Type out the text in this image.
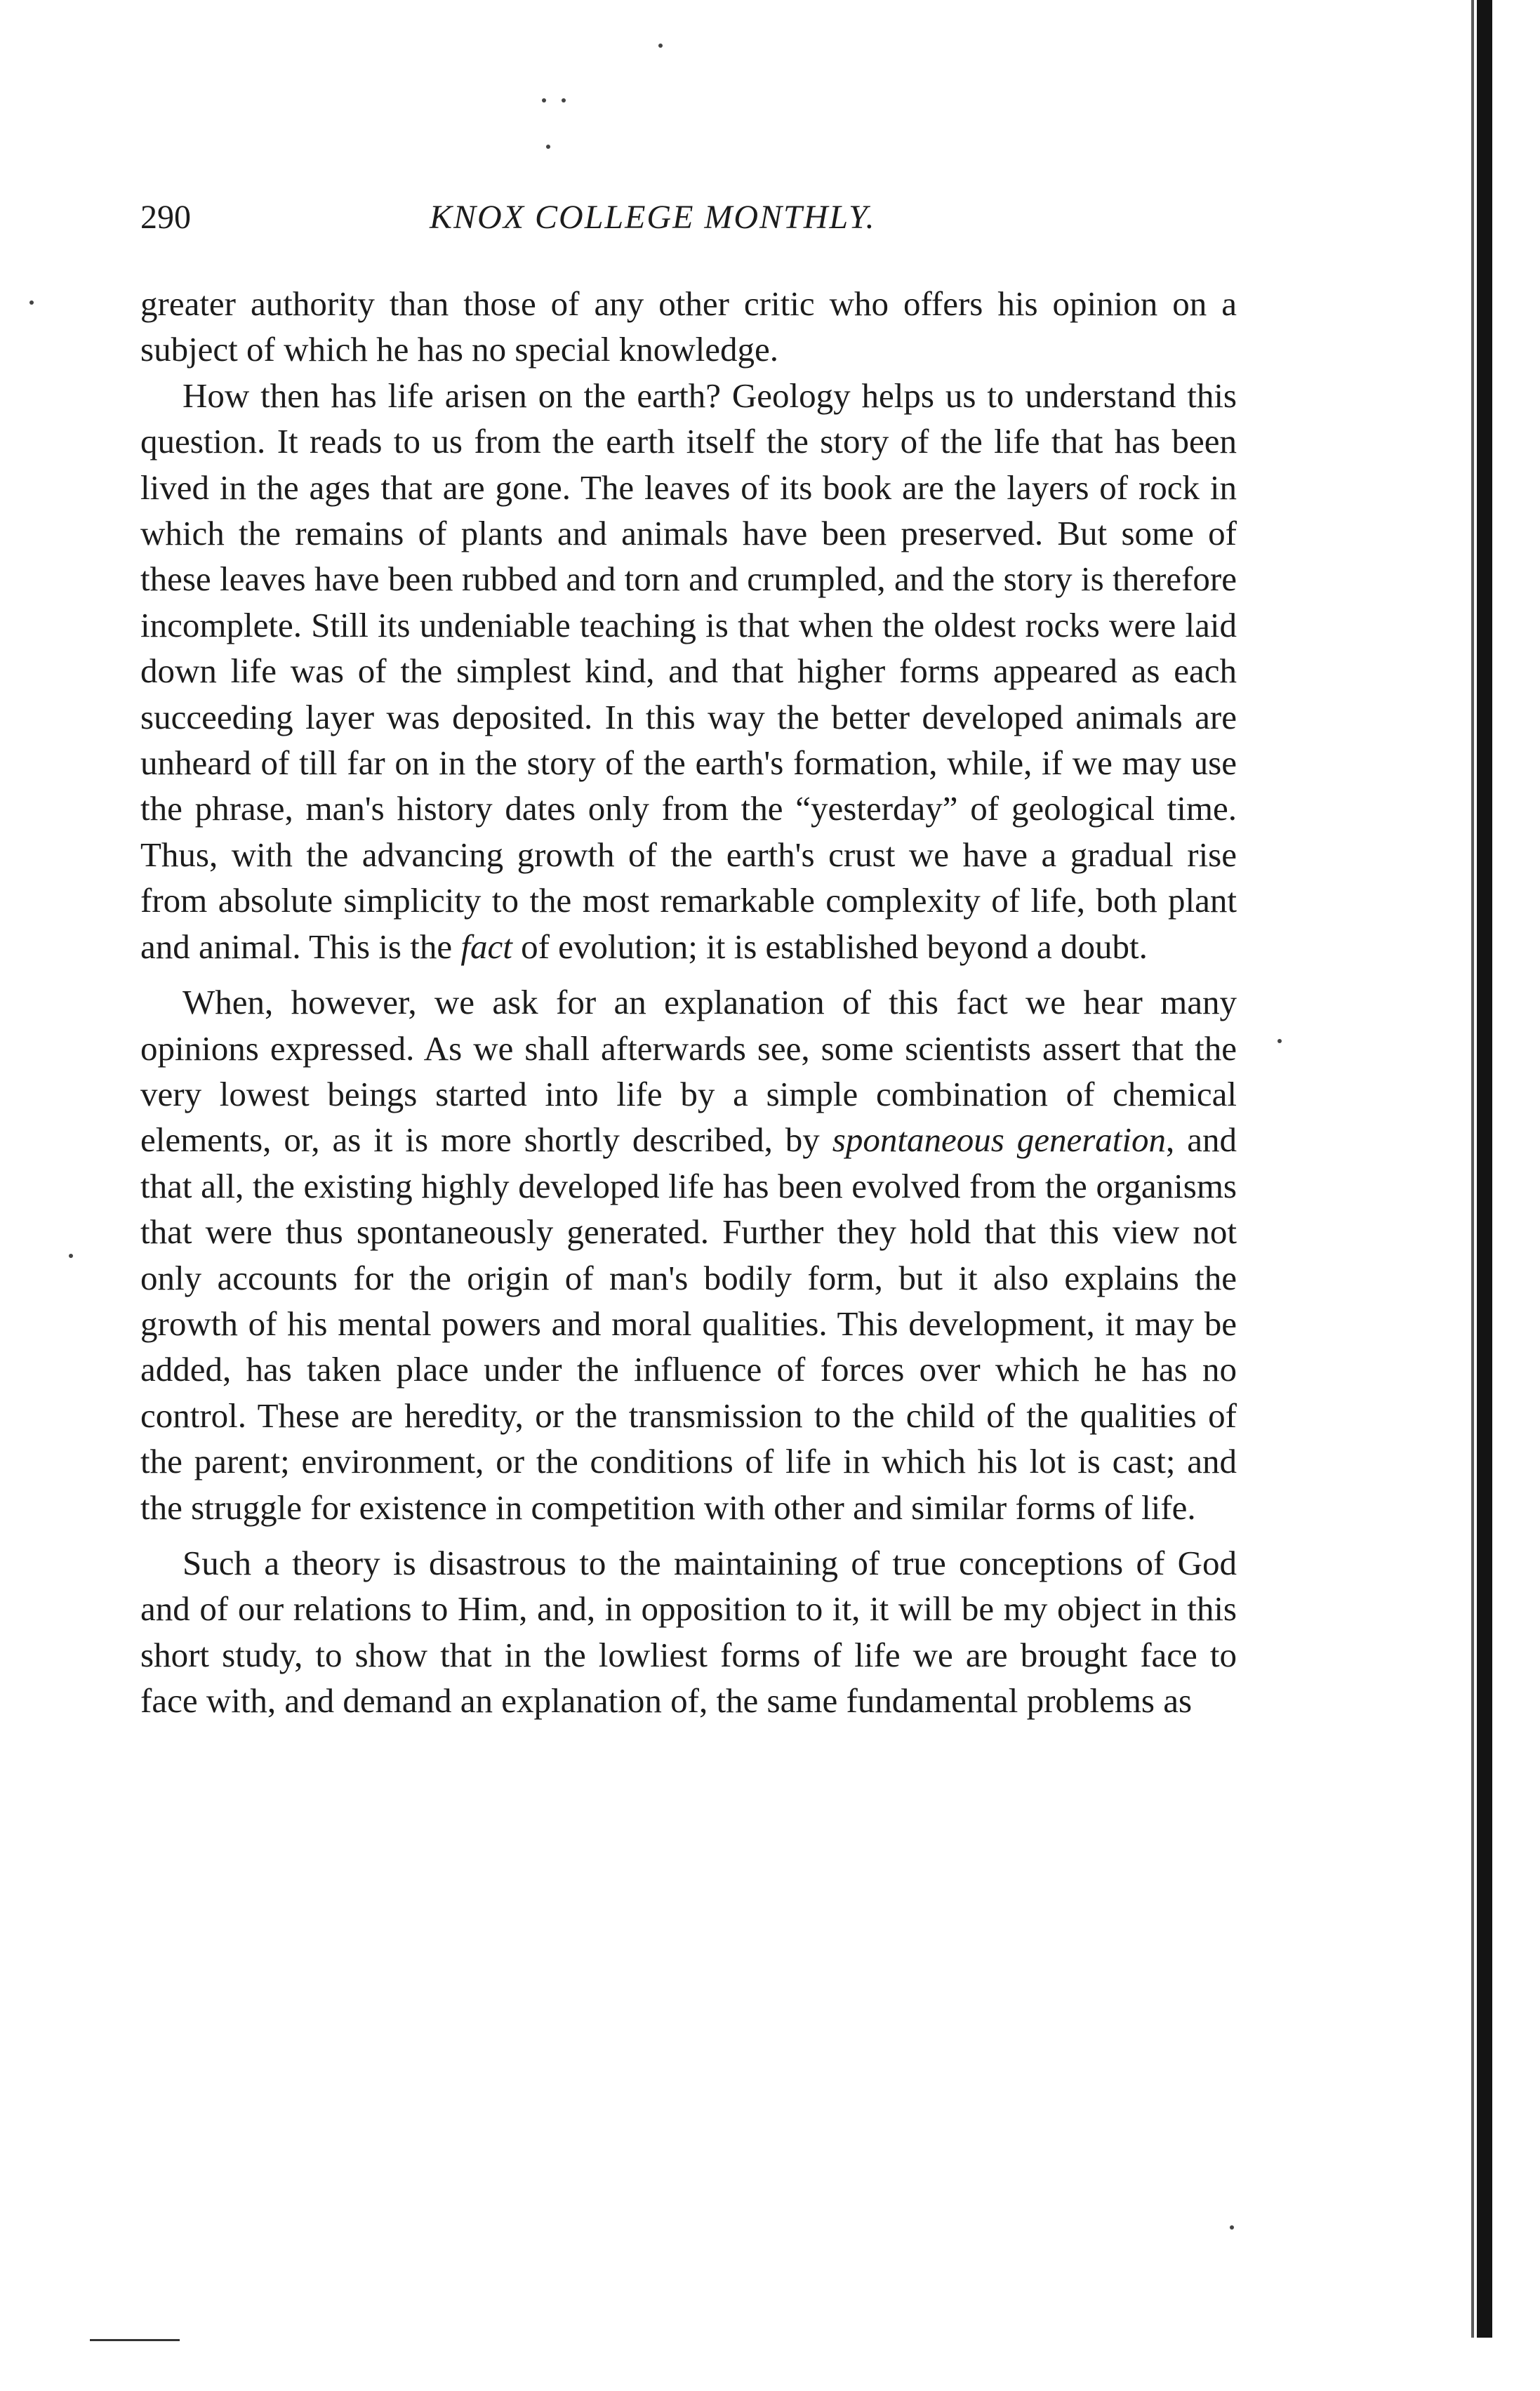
290	KNOX COLLEGE MONTHLY.

greater authority than those of any other critic who offers his opinion on a subject of which he has no special knowledge.

How then has life arisen on the earth? Geology helps us to understand this question. It reads to us from the earth itself the story of the life that has been lived in the ages that are gone. The leaves of its book are the layers of rock in which the remains of plants and animals have been preserved. But some of these leaves have been rubbed and torn and crumpled, and the story is therefore incomplete. Still its undeniable teaching is that when the oldest rocks were laid down life was of the simplest kind, and that higher forms appeared as each succeeding layer was deposited. In this way the better developed animals are unheard of till far on in the story of the earth's formation, while, if we may use the phrase, man's history dates only from the “yesterday” of geological time. Thus, with the advancing growth of the earth's crust we have a gradual rise from absolute simplicity to the most remarkable complexity of life, both plant and animal. This is the fact of evolution; it is established beyond a doubt.

When, however, we ask for an explanation of this fact we hear many opinions expressed. As we shall afterwards see, some scientists assert that the very lowest beings started into life by a simple combination of chemical elements, or, as it is more shortly described, by spontaneous generation, and that all, the existing highly developed life has been evolved from the organisms that were thus spontaneously generated. Further they hold that this view not only accounts for the origin of man's bodily form, but it also explains the growth of his mental powers and moral qualities. This development, it may be added, has taken place under the influence of forces over which he has no control. These are heredity, or the transmission to the child of the qualities of the parent; environment, or the conditions of life in which his lot is cast; and the struggle for existence in competition with other and similar forms of life.

Such a theory is disastrous to the maintaining of true conceptions of God and of our relations to Him, and, in opposition to it, it will be my object in this short study, to show that in the lowliest forms of life we are brought face to face with, and demand an explanation of, the same fundamental problems as
